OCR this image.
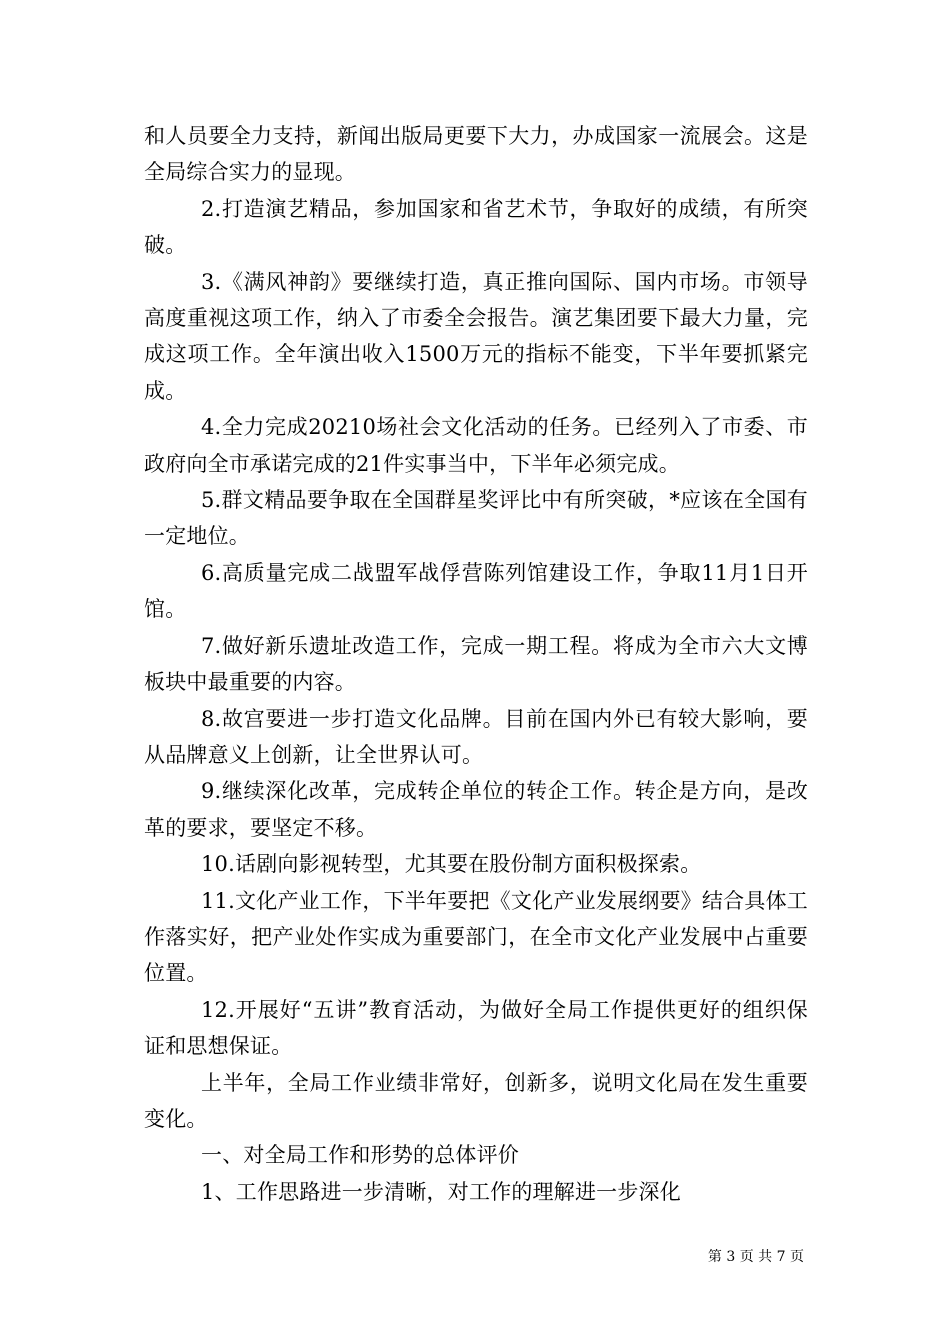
和人员要全力支持，新闻出版局更要下大力，办成国家一流展会。这是全局综合实力的显现。

2.打造演艺精品，参加国家和省艺术节，争取好的成绩，有所突破。

3.《满风神韵》要继续打造，真正推向国际、国内市场。市领导高度重视这项工作，纳入了市委全会报告。演艺集团要下最大力量，完成这项工作。全年演出收入1500万元的指标不能变，下半年要抓紧完成。

4.全力完成20210场社会文化活动的任务。已经列入了市委、市政府向全市承诺完成的21件实事当中，下半年必须完成。

5.群文精品要争取在全国群星奖评比中有所突破，*应该在全国有一定地位。

6.高质量完成二战盟军战俘营陈列馆建设工作，争取11月1日开馆。

7.做好新乐遗址改造工作，完成一期工程。将成为全市六大文博板块中最重要的内容。

8.故宫要进一步打造文化品牌。目前在国内外已有较大影响，要从品牌意义上创新，让全世界认可。

9.继续深化改革，完成转企单位的转企工作。转企是方向，是改革的要求，要坚定不移。

10.话剧向影视转型，尤其要在股份制方面积极探索。

11.文化产业工作，下半年要把《文化产业发展纲要》结合具体工作落实好，把产业处作实成为重要部门，在全市文化产业发展中占重要位置。

12.开展好“五讲”教育活动，为做好全局工作提供更好的组织保证和思想保证。

上半年，全局工作业绩非常好，创新多，说明文化局在发生重要变化。

一、对全局工作和形势的总体评价

1、工作思路进一步清晰，对工作的理解进一步深化

第 3 页 共 7 页
